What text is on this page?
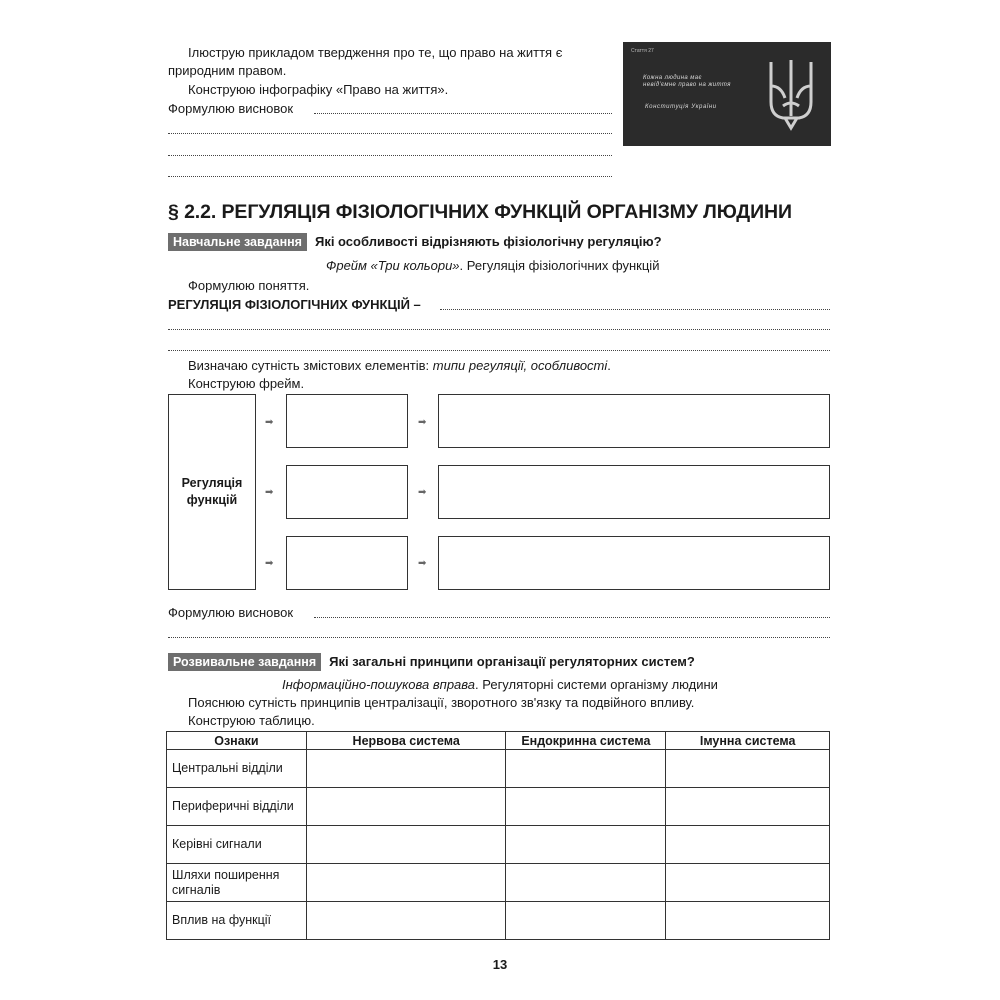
Ілюструю прикладом твердження про те, що право на життя є
природним правом.
Конструюю інфографіку «Право на життя».
Формулюю висновок
Стаття 27
Кожна людина має
невід'ємне право на життя
Конституція України
§ 2.2. РЕГУЛЯЦІЯ ФІЗІОЛОГІЧНИХ ФУНКЦІЙ ОРГАНІЗМУ ЛЮДИНИ
Навчальне завдання Які особливості відрізняють фізіологічну регуляцію?
Фрейм «Три кольори». Регуляція фізіологічних функцій
Формулюю поняття.
РЕГУЛЯЦІЯ ФІЗІОЛОГІЧНИХ ФУНКЦІЙ –
Визначаю сутність змістових елементів: типи регуляції, особливості.
Конструюю фрейм.
Регуляція
функцій
➡	➡
➡	➡
➡	➡
Формулюю висновок
Розвивальне завдання Які загальні принципи організації регуляторних систем?
Інформаційно-пошукова вправа. Регуляторні системи організму людини
Пояснюю сутність принципів централізації, зворотного зв'язку та подвійного впливу.
Конструюю таблицю.
Ознаки	Нервова система	Ендокринна система	Імунна система
Центральні відділи			
Периферичні відділи			
Керівні сигнали			
Шляхи поширення сигналів			
Вплив на функції			
13
